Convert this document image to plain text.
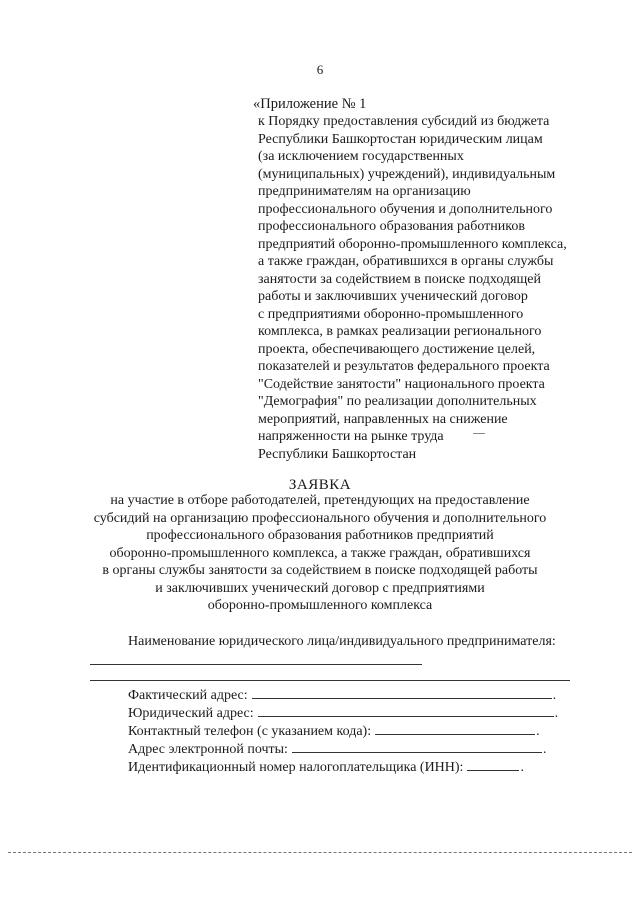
6
«Приложение № 1
к Порядку предоставления субсидий из бюджета
Республики Башкортостан юридическим лицам
(за исключением государственных
(муниципальных) учреждений), индивидуальным
предпринимателям на организацию
профессионального обучения и дополнительного
профессионального образования работников
предприятий оборонно-промышленного комплекса,
а также граждан, обратившихся в органы службы
занятости за содействием в поиске подходящей
работы и заключивших ученический договор
с предприятиями оборонно-промышленного
комплекса, в рамках реализации регионального
проекта, обеспечивающего достижение целей,
показателей и результатов федерального проекта
"Содействие занятости" национального проекта
"Демография" по реализации дополнительных
мероприятий, направленных на снижение
напряженности на рынке труда
Республики Башкортостан
ЗАЯВКА
на участие в отборе работодателей, претендующих на предоставление
субсидий на организацию профессионального обучения и дополнительного
профессионального образования работников предприятий
оборонно-промышленного комплекса, а также граждан, обратившихся
в органы службы занятости за содействием в поиске подходящей работы
и заключивших ученический договор с предприятиями
оборонно-промышленного комплекса
Наименование юридического лица/индивидуального предпринимателя:
Фактический адрес:	.
Юридический адрес:	.
Контактный телефон (с указанием кода):	.
Адрес электронной почты:	.
Идентификационный номер налогоплательщика (ИНН):	.
